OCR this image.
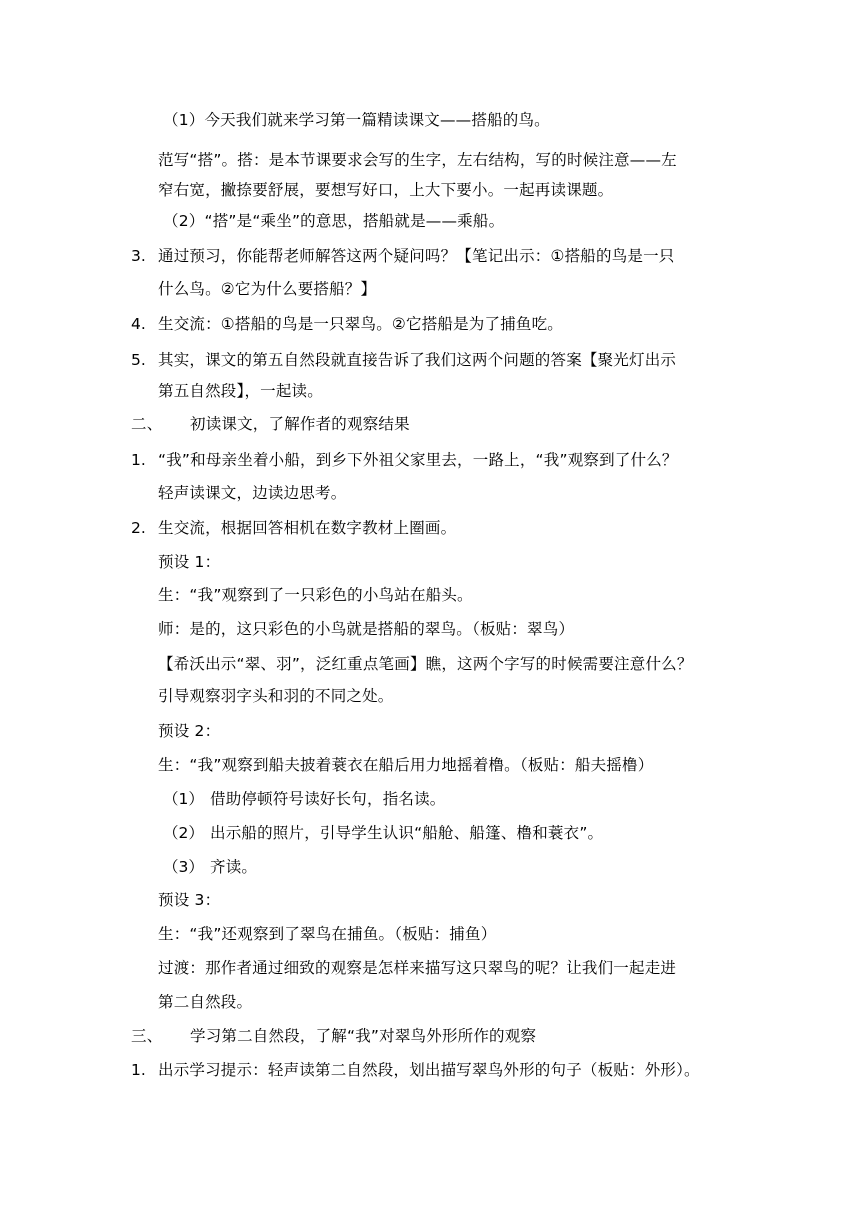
（1）今天我们就来学习第一篇精读课文——搭船的鸟。
范写“搭”。搭：是本节课要求会写的生字，左右结构，写的时候注意——左
窄右宽，撇捺要舒展，要想写好口，上大下要小。一起再读课题。
（2）“搭”是“乘坐”的意思，搭船就是——乘船。
3. 通过预习，你能帮老师解答这两个疑问吗？【笔记出示：①搭船的鸟是一只
什么鸟。②它为什么要搭船？】
4. 生交流：①搭船的鸟是一只翠鸟。②它搭船是为了捕鱼吃。
5. 其实，课文的第五自然段就直接告诉了我们这两个问题的答案【聚光灯出示
第五自然段】，一起读。
二、 初读课文，了解作者的观察结果
1. “我”和母亲坐着小船，到乡下外祖父家里去，一路上，“我”观察到了什么？
轻声读课文，边读边思考。
2. 生交流，根据回答相机在数字教材上圈画。
预设 1：
生：“我”观察到了一只彩色的小鸟站在船头。
师：是的，这只彩色的小鸟就是搭船的翠鸟。（板贴：翠鸟）
【希沃出示“翠、羽”，泛红重点笔画】瞧，这两个字写的时候需要注意什么？
引导观察羽字头和羽的不同之处。
预设 2：
生：“我”观察到船夫披着蓑衣在船后用力地摇着橹。（板贴：船夫摇橹）
（1） 借助停顿符号读好长句，指名读。
（2） 出示船的照片，引导学生认识“船舱、船篷、橹和蓑衣”。
（3） 齐读。
预设 3：
生：“我”还观察到了翠鸟在捕鱼。（板贴：捕鱼）
过渡：那作者通过细致的观察是怎样来描写这只翠鸟的呢？让我们一起走进
第二自然段。
三、 学习第二自然段，了解“我”对翠鸟外形所作的观察
1. 出示学习提示：轻声读第二自然段，划出描写翠鸟外形的句子（板贴：外形）。
